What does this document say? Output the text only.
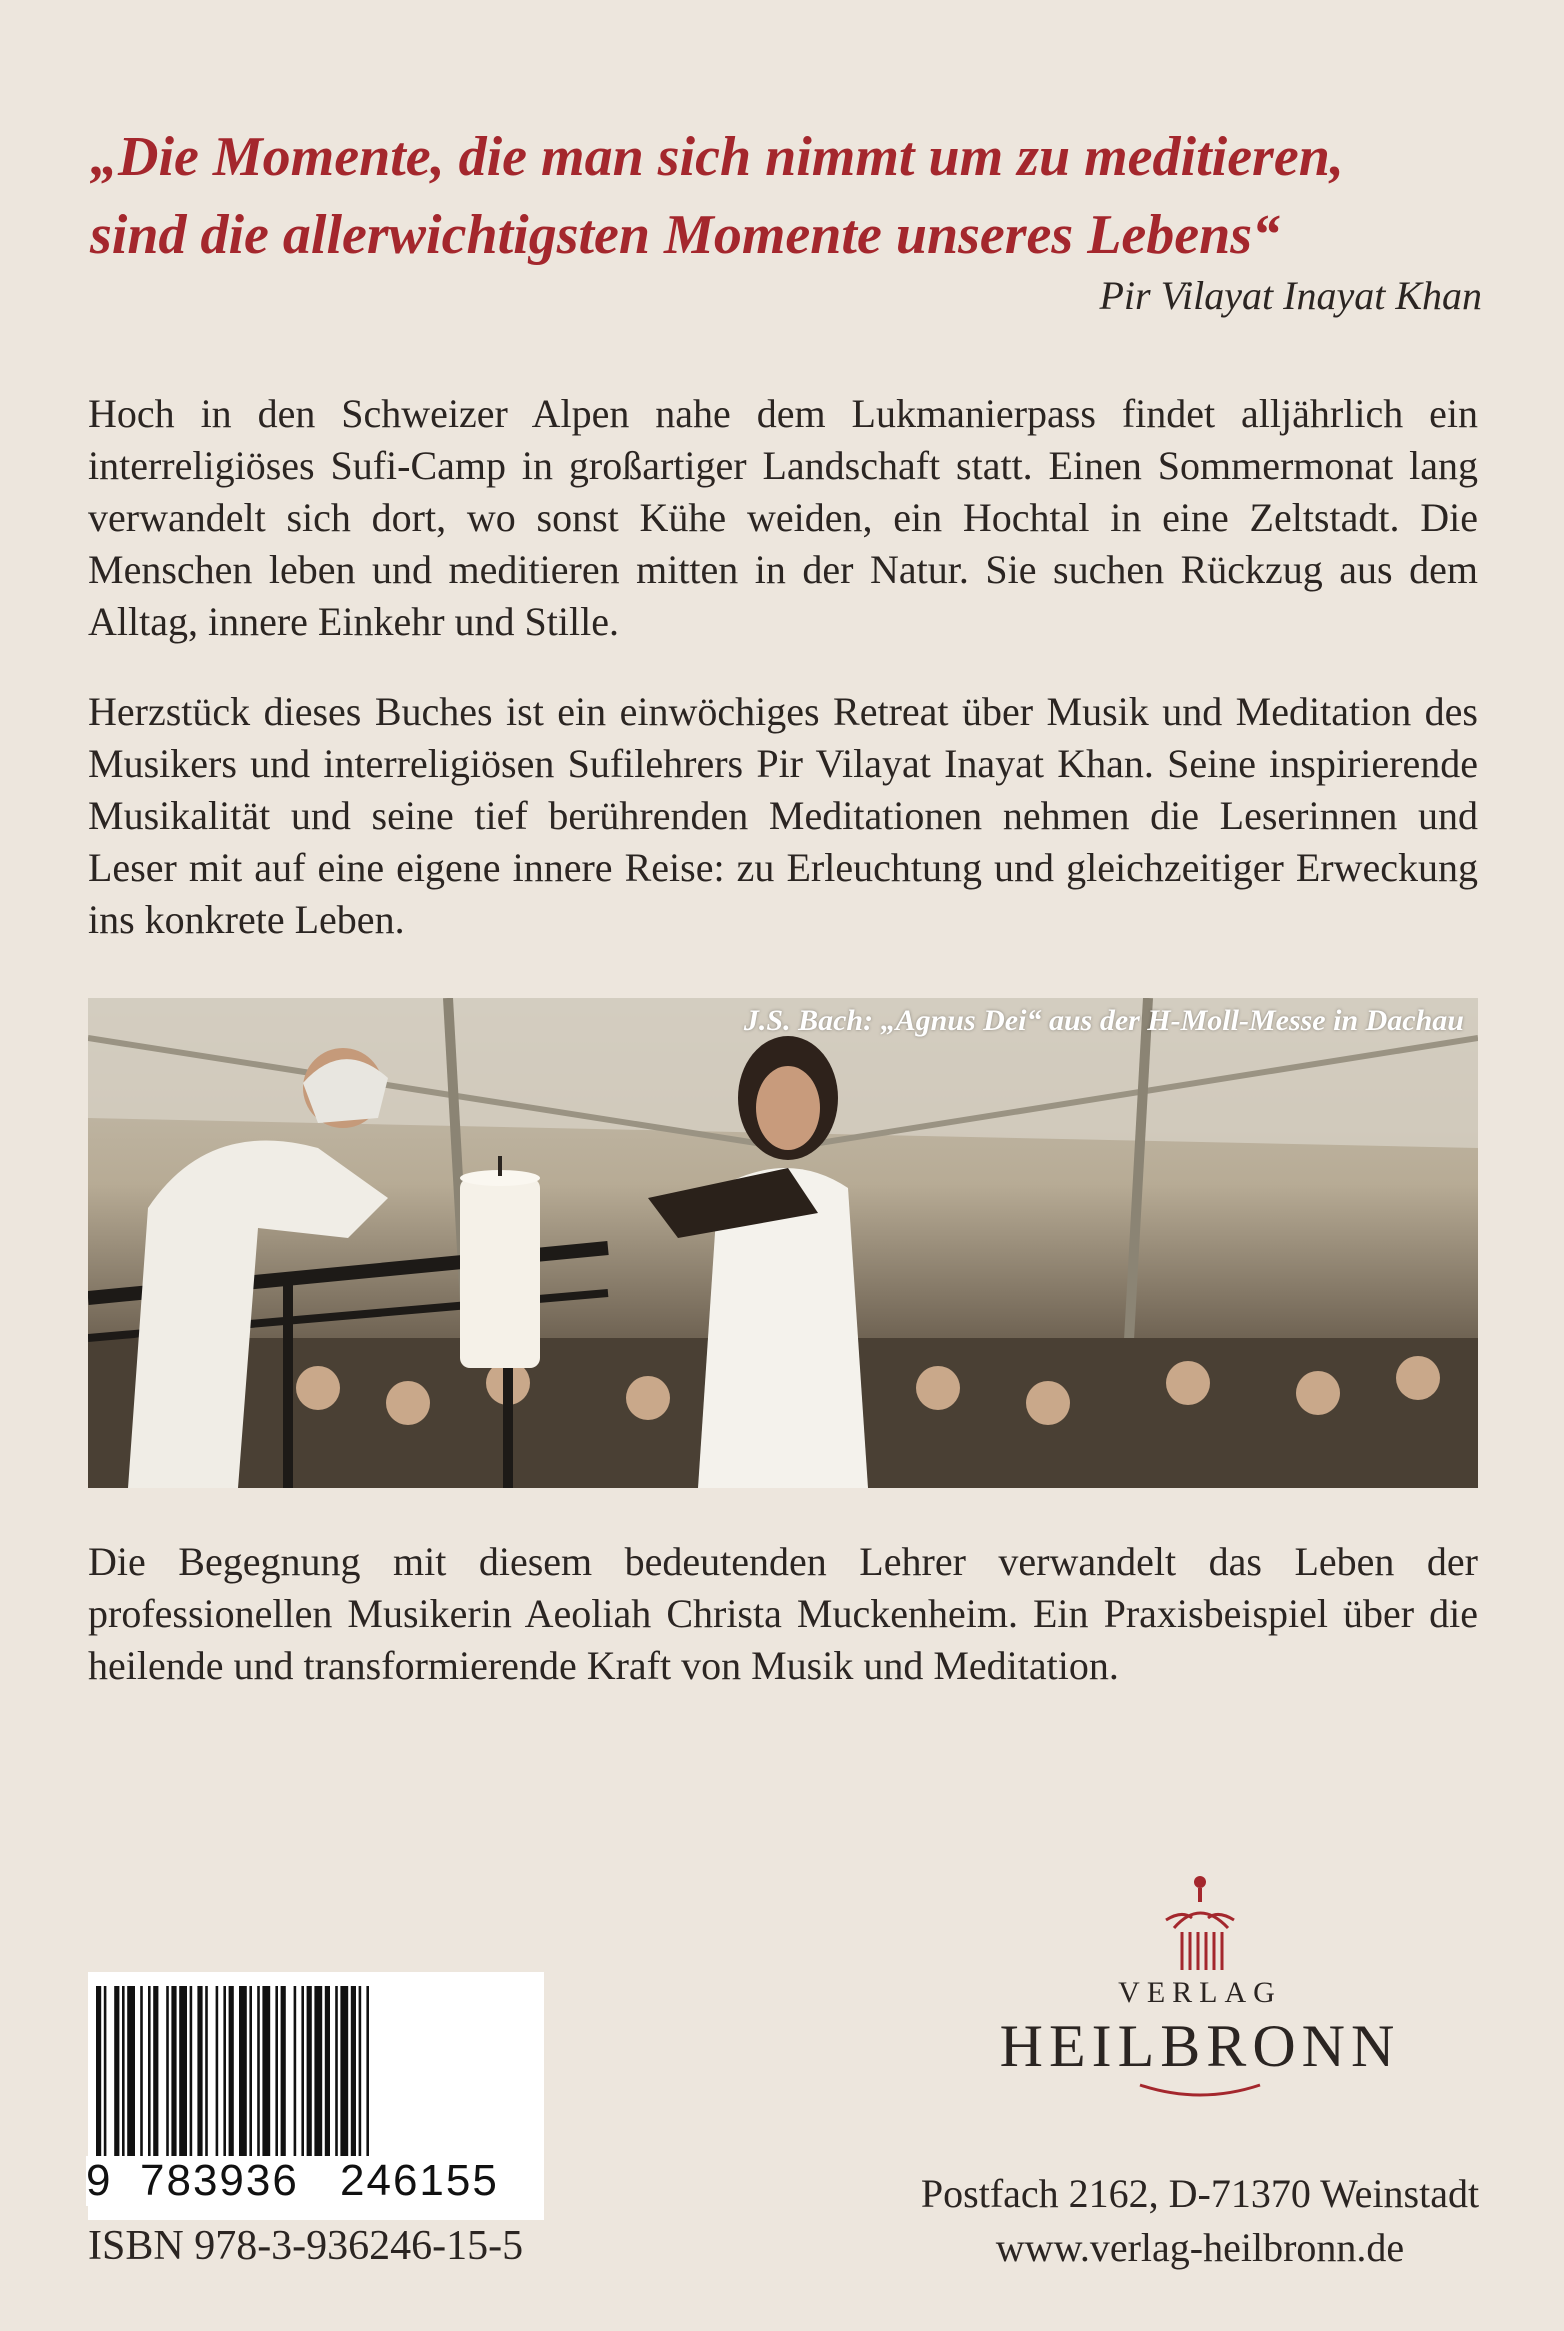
„Die Momente, die man sich nimmt um zu meditieren,
sind die allerwichtigsten Momente unseres Lebens“

Pir Vilayat Inayat Khan

Hoch in den Schweizer Alpen nahe dem Lukmanierpass findet alljährlich ein interreligiöses Sufi-Camp in großartiger Landschaft statt. Einen Sommermonat lang verwandelt sich dort, wo sonst Kühe weiden, ein Hochtal in eine Zeltstadt. Die Menschen leben und meditieren mitten in der Natur. Sie suchen Rückzug aus dem Alltag, innere Einkehr und Stille.

Herzstück dieses Buches ist ein einwöchiges Retreat über Musik und Meditation des Musikers und interreligiösen Sufilehrers Pir Vilayat Inayat Khan. Seine inspirierende Musikalität und seine tief berührenden Meditationen nehmen die Leserinnen und Leser mit auf eine eigene innere Reise: zu Erleuchtung und gleichzeitiger Erweckung ins konkrete Leben.

J.S. Bach: „Agnus Dei“ aus der H-Moll-Messe in Dachau

Die Begegnung mit diesem bedeutenden Lehrer verwandelt das Leben der professionellen Musikerin Aeoliah Christa Muckenheim. Ein Praxisbeispiel über die heilende und transformierende Kraft von Musik und Meditation.

9 783936 246155
ISBN 978-3-936246-15-5
VERLAG
HEILBRONN
Postfach 2162, D-71370 Weinstadt
www.verlag-heilbronn.de
